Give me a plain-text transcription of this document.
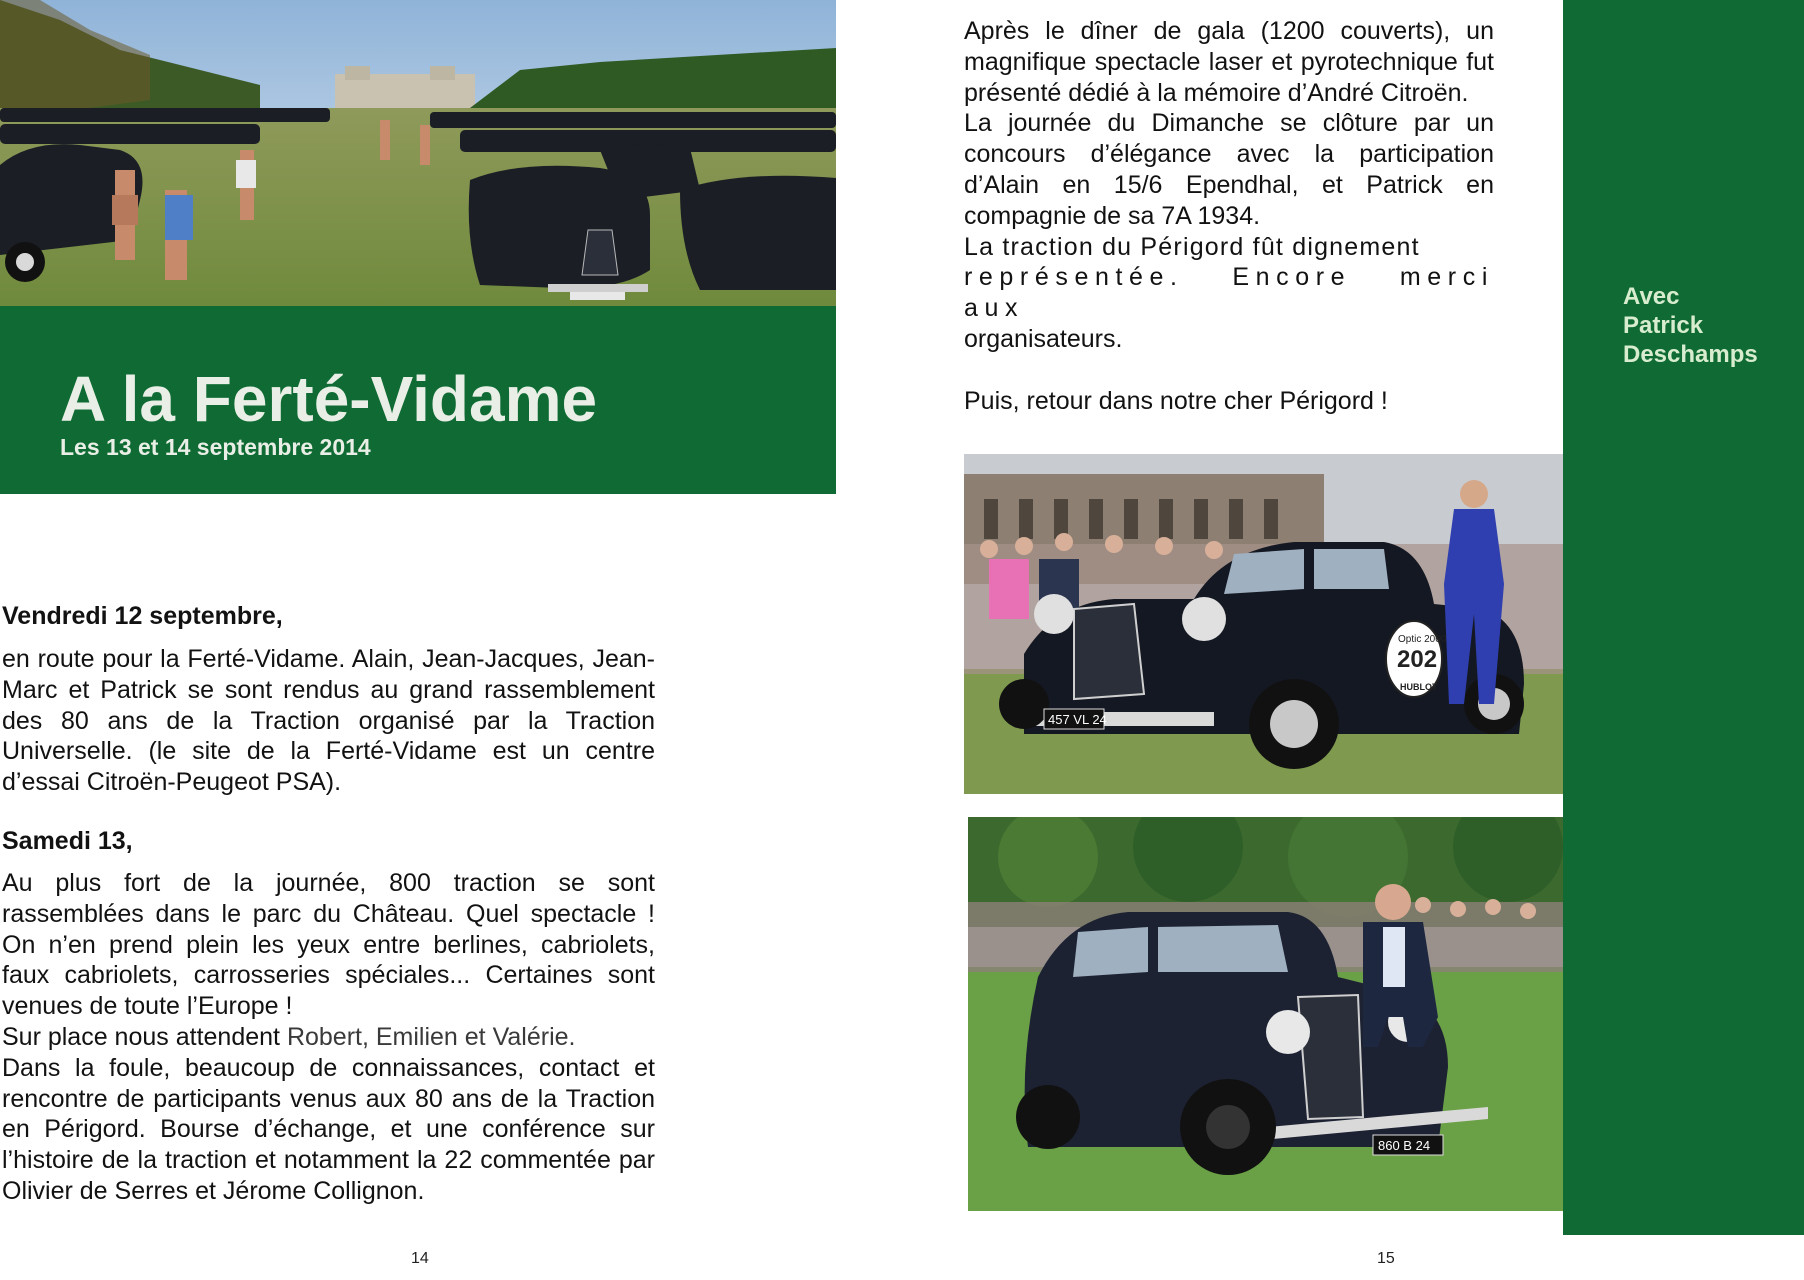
A la Ferté-Vidame
Les 13 et 14 septembre 2014
Vendredi 12 septembre,

en route pour la Ferté-Vidame. Alain, Jean-Jacques, Jean-Marc et Patrick se sont rendus au grand rassemblement des 80 ans de la Traction organisé par la Traction Universelle. (le site de la Ferté-Vidame est un centre d’essai Citroën-Peugeot PSA).

Samedi 13,

Au plus fort de la journée, 800 traction se sont rassemblées dans le parc du Château. Quel spectacle ! On n’en prend plein les yeux entre berlines, cabriolets, faux cabriolets, carrosseries spéciales... Certaines sont venues de toute l’Europe !

Sur place nous attendent Robert, Emilien et Valérie.

Dans la foule, beaucoup de connaissances, contact et rencontre de participants venus aux 80 ans de la Traction en Périgord. Bourse d’échange, et une conférence sur l’histoire de la traction et notamment la 22 commentée par Olivier de Serres et Jérome Collignon.

14

Après le dîner de gala (1200 couverts), un magnifique spectacle laser et pyrotechnique fut présenté dédié à la mémoire d’André Citroën.

La journée du Dimanche se clôture par un concours d’élégance avec la participation d’Alain en 15/6 Ependhal, et Patrick en compagnie de sa 7A 1934.

La traction du Périgord fût dignement

représentée. Encore merci aux

organisateurs.

Puis, retour dans notre cher Périgord !

457 VL 24
Optic 2000
202
HUBLOT
860 B 24
15
Avec
Patrick
Deschamps
